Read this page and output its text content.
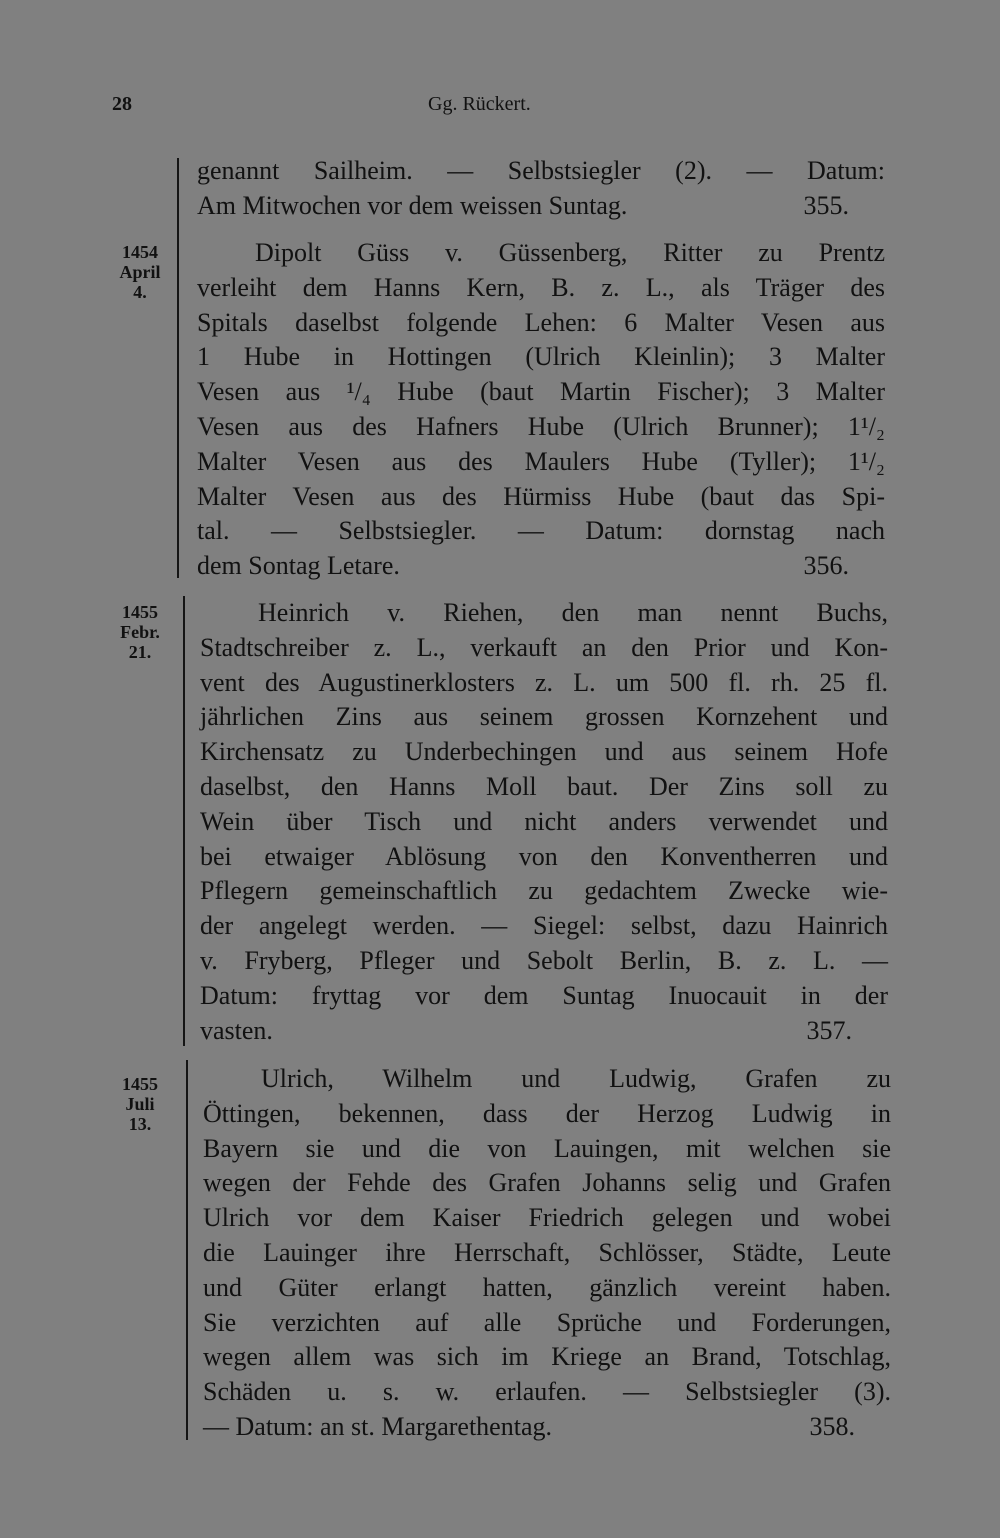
28	Gg. Rückert.
1454
April
4.
1455
Febr.
21.
1455
Juli
13.
genannt Sailheim. — Selbstsiegler (2). — Datum:
Am Mitwochen vor dem weissen Suntag.	355.
Dipolt Güss v. Güssenberg, Ritter zu Prentz
verleiht dem Hanns Kern, B. z. L., als Träger des
Spitals daselbst folgende Lehen: 6 Malter Vesen aus
1 Hube in Hottingen (Ulrich Kleinlin); 3 Malter
Vesen aus ¹/₄ Hube (baut Martin Fischer); 3 Malter
Vesen aus des Hafners Hube (Ulrich Brunner); 1¹/₂
Malter Vesen aus des Maulers Hube (Tyller); 1¹/₂
Malter Vesen aus des Hürmiss Hube (baut das Spi-
tal. — Selbstsiegler. — Datum: dornstag nach
dem Sontag Letare.	356.
Heinrich v. Riehen, den man nennt Buchs,
Stadtschreiber z. L., verkauft an den Prior und Kon-
vent des Augustinerklosters z. L. um 500 fl. rh. 25 fl.
jährlichen Zins aus seinem grossen Kornzehent und
Kirchensatz zu Underbechingen und aus seinem Hofe
daselbst, den Hanns Moll baut. Der Zins soll zu
Wein über Tisch und nicht anders verwendet und
bei etwaiger Ablösung von den Konventherren und
Pflegern gemeinschaftlich zu gedachtem Zwecke wie-
der angelegt werden. — Siegel: selbst, dazu Hainrich
v. Fryberg, Pfleger und Sebolt Berlin, B. z. L. —
Datum: fryttag vor dem Suntag Inuocauit in der
vasten.	357.
Ulrich, Wilhelm und Ludwig, Grafen zu
Öttingen, bekennen, dass der Herzog Ludwig in
Bayern sie und die von Lauingen, mit welchen sie
wegen der Fehde des Grafen Johanns selig und Grafen
Ulrich vor dem Kaiser Friedrich gelegen und wobei
die Lauinger ihre Herrschaft, Schlösser, Städte, Leute
und Güter erlangt hatten, gänzlich vereint haben.
Sie verzichten auf alle Sprüche und Forderungen,
wegen allem was sich im Kriege an Brand, Totschlag,
Schäden u. s. w. erlaufen. — Selbstsiegler (3).
— Datum: an st. Margarethentag.	358.
